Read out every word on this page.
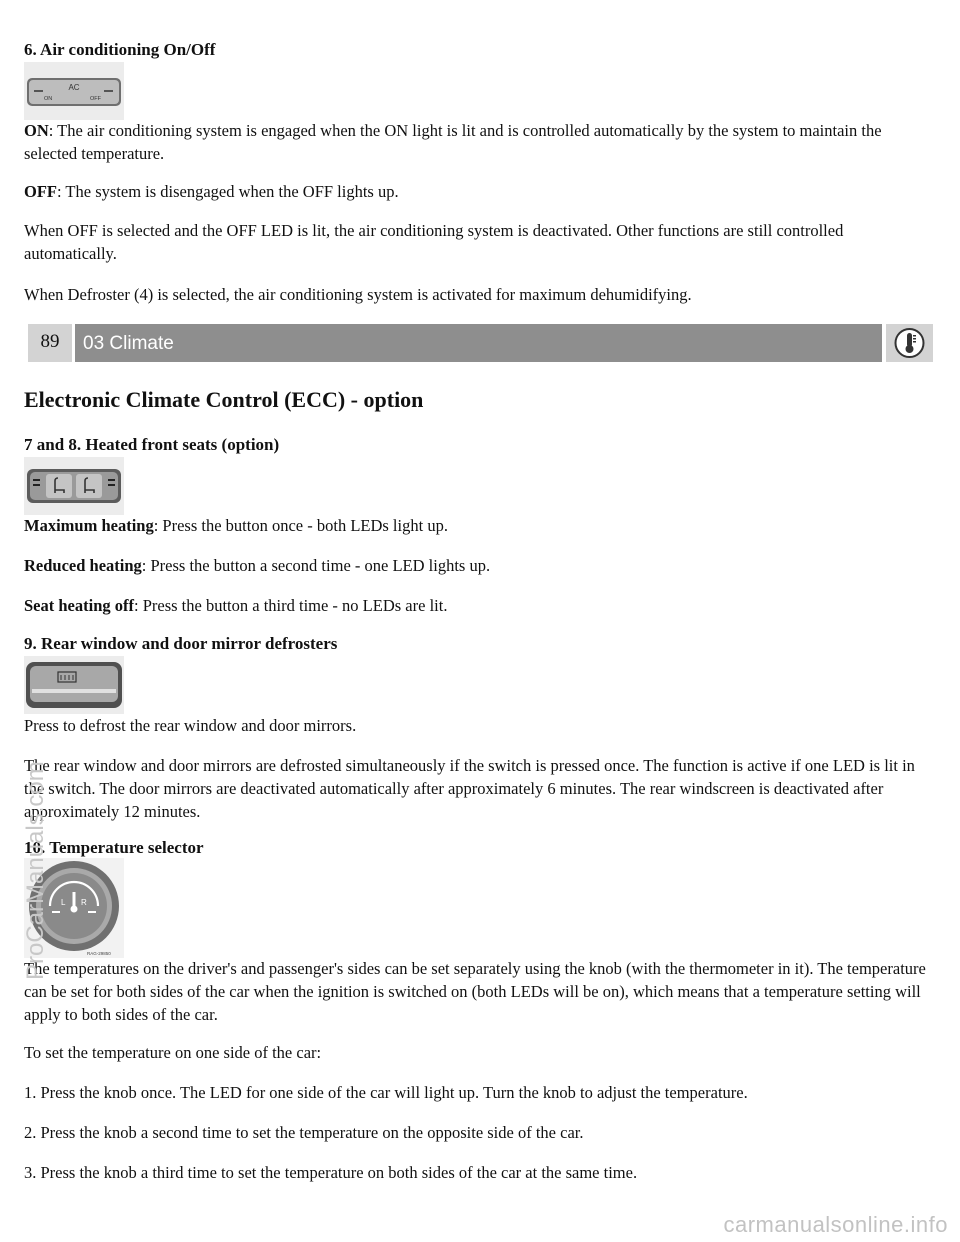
6. Air conditioning On/Off
AC
ON	OFF

ON: The air conditioning system is engaged when the ON light is lit and is controlled automatically by the system to maintain the selected temperature.

OFF: The system is disengaged when the OFF lights up.

When OFF is selected and the OFF LED is lit, the air conditioning system is deactivated. Other functions are still controlled automatically.

When Defroster (4) is selected, the air conditioning system is activated for maximum dehumidifying.

89	03 Climate
Electronic Climate Control (ECC) - option
7 and 8. Heated front seats (option)

Maximum heating: Press the button once - both LEDs light up.

Reduced heating: Press the button a second time - one LED lights up.

Seat heating off: Press the button a third time - no LEDs are lit.

9. Rear window and door mirror defrosters

Press to defrost the rear window and door mirrors.

The rear window and door mirrors are defrosted simultaneously if the switch is pressed once. The function is active if one LED is lit in the switch. The door mirrors are deactivated automatically after approximately 6 minutes. The rear windscreen is deactivated after approximately 12 minutes.

10. Temperature selector
L R
RAG-29850

The temperatures on the driver's and passenger's sides can be set separately using the knob (with the thermometer in it). The temperature can be set for both sides of the car when the ignition is switched on (both LEDs will be on), which means that a temperature setting will apply to both sides of the car.

To set the temperature on one side of the car:

1. Press the knob once. The LED for one side of the car will light up. Turn the knob to adjust the temperature.

2. Press the knob a second time to set the temperature on the opposite side of the car.

3. Press the knob a third time to set the temperature on both sides of the car at the same time.

ProCarManuals.com
carmanualsonline.info
